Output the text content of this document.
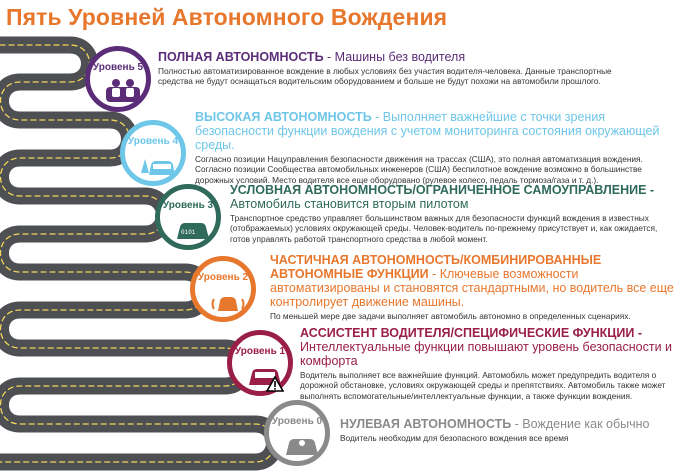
Пять Уровней Автономного Вождения
Уровень 5
ПОЛНАЯ АВТОНОМНОСТЬ - Машины без водителя
Полностью автоматизированное вождение в любых условиях без участия водителя-человека. Данные транспортные средства не будут оснащаться водительским оборудованием и больше не будут похожи на автомобили прошлого.
Уровень 4
ВЫСОКАЯ АВТОНОМНОСТЬ - Выполняет важнейшие с точки зрения безопасности функции вождения с учетом мониторинга состояния окружающей среды.
Согласно позиции Нацуправления безопасности движения на трассах (США), это полная автоматизация вождения. Согласно позиции Сообщества автомобильных инженеров (США) беспилотное вождение возможно в большинстве дорожных условий. Место водителя все еще оборудовано (рулевое колесо, педаль тормоза/газа и т. д.).
Уровень 3
0101
УСЛОВНАЯ АВТОНОМНОСТЬ/ОГРАНИЧЕННОЕ САМОУПРАВЛЕНИЕ - Автомобиль становится вторым пилотом
Транспортное средство управляет большинством важных для безопасности функций вождения в известных (отображаемых) условиях окружающей среды. Человек-водитель по-прежнему присутствует и, как ожидается, готов управлять работой транспортного средства в любой момент.
Уровень 2
ЧАСТИЧНАЯ АВТОНОМНОСТЬ/КОМБИНИРОВАННЫЕ АВТОНОМНЫЕ ФУНКЦИИ - Ключевые возможности автоматизированы и становятся стандартными, но водитель все еще контролирует движение машины.
По меньшей мере две задачи выполняет автомобиль автономно в определенных сценариях.
Уровень 1
АССИСТЕНТ ВОДИТЕЛЯ/СПЕЦИФИЧЕСКИЕ ФУНКЦИИ - Интеллектуальные функции повышают уровень безопасности и комфорта
Водитель выполняет все важнейшие функций. Автомобиль может предупредить водителя о дорожной обстановке, условиях окружающей среды и препятствиях. Автомобиль также может выполнять вспомогательные/интеллектуальные функции, а также функции вождения.
Уровень 0 НУЛЕВАЯ АВТОНОМНОСТЬ - Вождение как обычно
Водитель необходим для безопасного вождения все время
